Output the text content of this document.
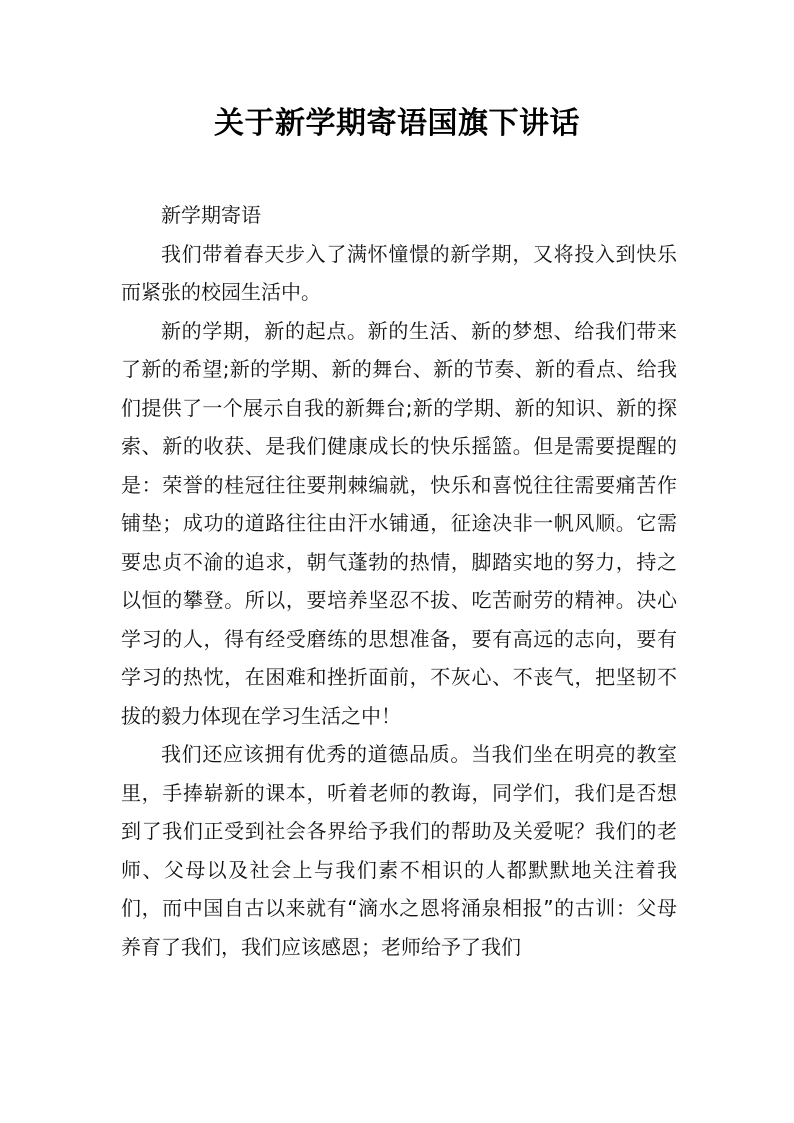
关于新学期寄语国旗下讲话

新学期寄语

我们带着春天步入了满怀憧憬的新学期，又将投入到快乐而紧张的校园生活中。

新的学期，新的起点。新的生活、新的梦想、给我们带来了新的希望;新的学期、新的舞台、新的节奏、新的看点、给我们提供了一个展示自我的新舞台;新的学期、新的知识、新的探索、新的收获、是我们健康成长的快乐摇篮。但是需要提醒的是：荣誉的桂冠往往要荆棘编就，快乐和喜悦往往需要痛苦作铺垫；成功的道路往往由汗水铺通，征途决非一帆风顺。它需要忠贞不渝的追求，朝气蓬勃的热情，脚踏实地的努力，持之以恒的攀登。所以，要培养坚忍不拔、吃苦耐劳的精神。决心学习的人，得有经受磨练的思想准备，要有高远的志向，要有学习的热忱，在困难和挫折面前，不灰心、不丧气，把坚韧不拔的毅力体现在学习生活之中！

我们还应该拥有优秀的道德品质。当我们坐在明亮的教室里，手捧崭新的课本，听着老师的教诲，同学们，我们是否想到了我们正受到社会各界给予我们的帮助及关爱呢？我们的老师、父母以及社会上与我们素不相识的人都默默地关注着我们，而中国自古以来就有“滴水之恩将涌泉相报”的古训：父母养育了我们，我们应该感恩；老师给予了我们
